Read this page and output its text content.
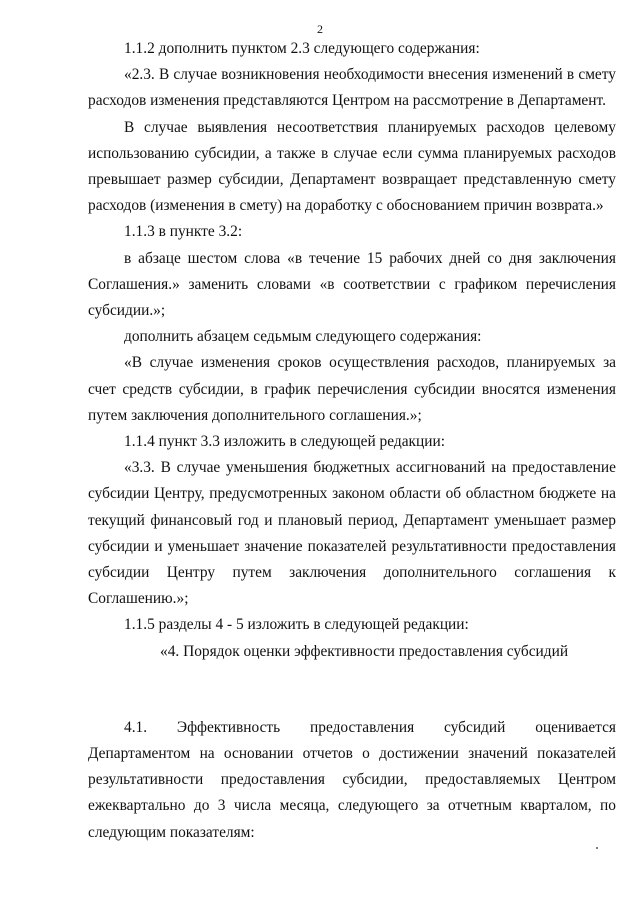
2

1.1.2 дополнить пунктом 2.3 следующего содержания:

«2.3. В случае возникновения необходимости внесения изменений в смету расходов изменения представляются Центром на рассмотрение в Департамент.

В случае выявления несоответствия планируемых расходов целевому использованию субсидии, а также в случае если сумма планируемых расходов превышает размер субсидии, Департамент возвращает представленную смету расходов (изменения в смету) на доработку с обоснованием причин возврата.»

1.1.3 в пункте 3.2:

в абзаце шестом слова «в течение 15 рабочих дней со дня заключения Соглашения.» заменить словами «в соответствии с графиком перечисления субсидии.»;

дополнить абзацем седьмым следующего содержания:

«В случае изменения сроков осуществления расходов, планируемых за счет средств субсидии, в график перечисления субсидии вносятся изменения путем заключения дополнительного соглашения.»;

1.1.4 пункт 3.3 изложить в следующей редакции:

«3.3. В случае уменьшения бюджетных ассигнований на предоставление субсидии Центру, предусмотренных законом области об областном бюджете на текущий финансовый год и плановый период, Департамент уменьшает размер субсидии и уменьшает значение показателей результативности предоставления субсидии Центру путем заключения дополнительного соглашения к Соглашению.»;

1.1.5 разделы 4 - 5 изложить в следующей редакции:

«4. Порядок оценки эффективности предоставления субсидий

4.1. Эффективность предоставления субсидий оценивается Департаментом на основании отчетов о достижении значений показателей результативности предоставления субсидии, предоставляемых Центром ежеквартально до 3 числа месяца, следующего за отчетным кварталом, по следующим показателям:
